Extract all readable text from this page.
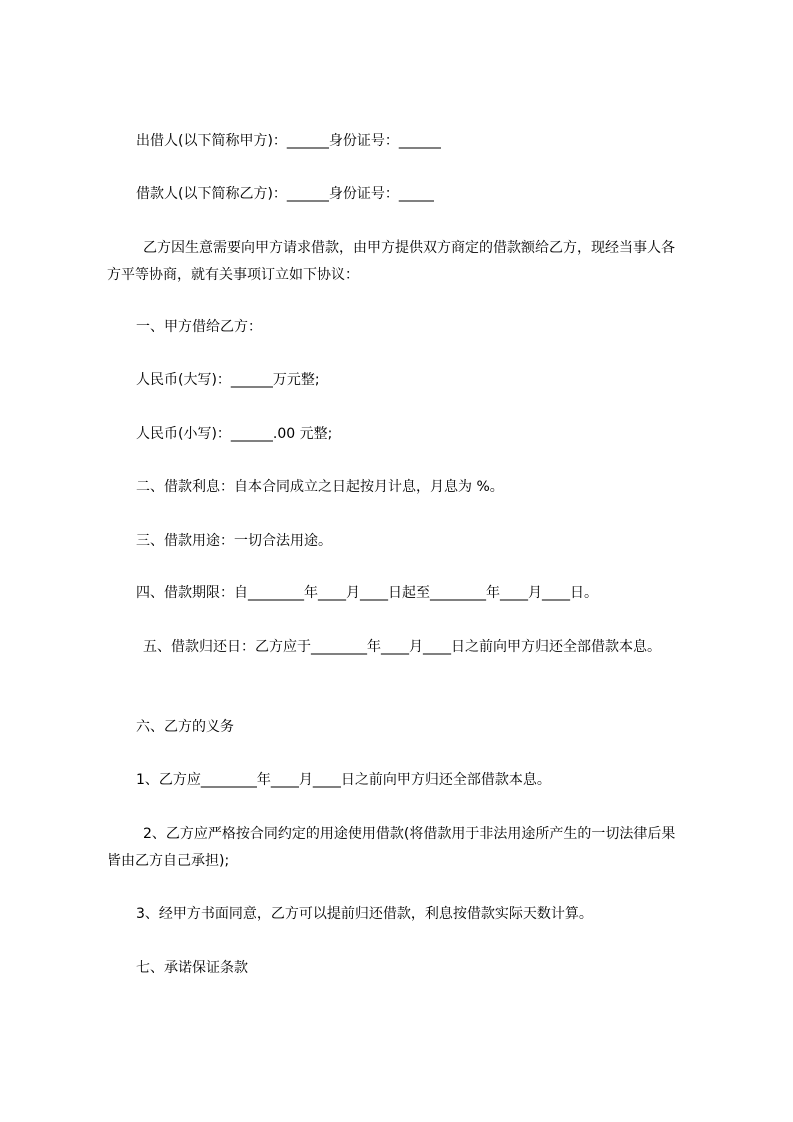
出借人(以下简称甲方)：______身份证号：______
借款人(以下简称乙方)：______身份证号：_____
乙方因生意需要向甲方请求借款，由甲方提供双方商定的借款额给乙方，现经当事人各方平等协商，就有关事项订立如下协议：
一、甲方借给乙方：
人民币(大写)：______万元整;
人民币(小写)：______.00 元整;
二、借款利息：自本合同成立之日起按月计息，月息为 %。
三、借款用途：一切合法用途。
四、借款期限：自________年____月____日起至________年____月____日。
五、借款归还日：乙方应于________年____月____日之前向甲方归还全部借款本息。
六、乙方的义务
1、乙方应________年____月____日之前向甲方归还全部借款本息。
2、乙方应严格按合同约定的用途使用借款(将借款用于非法用途所产生的一切法律后果皆由乙方自己承担);
3、经甲方书面同意，乙方可以提前归还借款，利息按借款实际天数计算。
七、承诺保证条款
